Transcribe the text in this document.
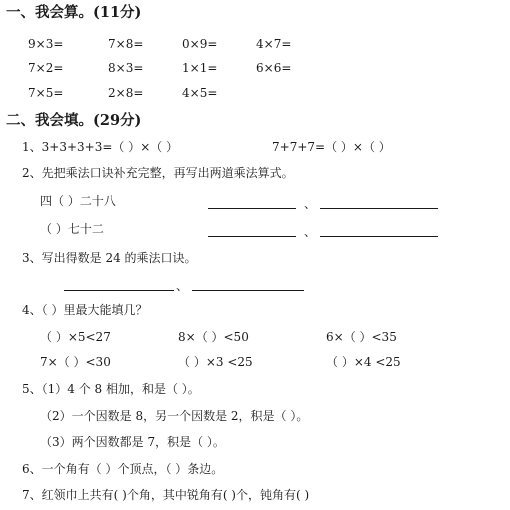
一、我会算。(11分)
9×3=	7×8=	0×9=	4×7=
7×2=	8×3=	1×1=	6×6=
7×5=	2×8=	4×5=
二、我会填。(29分)
1、3+3+3+3=（ ）×（ ）	7+7+7=（ ）×（ ）
2、先把乘法口诀补充完整，再写出两道乘法算式。
四（ ）二十八	、
（ ）七十二	、
3、写出得数是 24 的乘法口诀。
、
4、（ ）里最大能填几？
（ ）×5<27	8×（ ）<50	6×（ ）<35
7×（ ）<30	（ ）×3 <25	（ ）×4 <25
5、（1）4 个 8 相加，和是（ ）。
（2）一个因数是 8，另一个因数是 2，积是（ ）。
（3）两个因数都是 7，积是（ ）。
6、一个角有（ ）个顶点，（ ）条边。
7、红领巾上共有( )个角，其中锐角有( )个，钝角有( )
